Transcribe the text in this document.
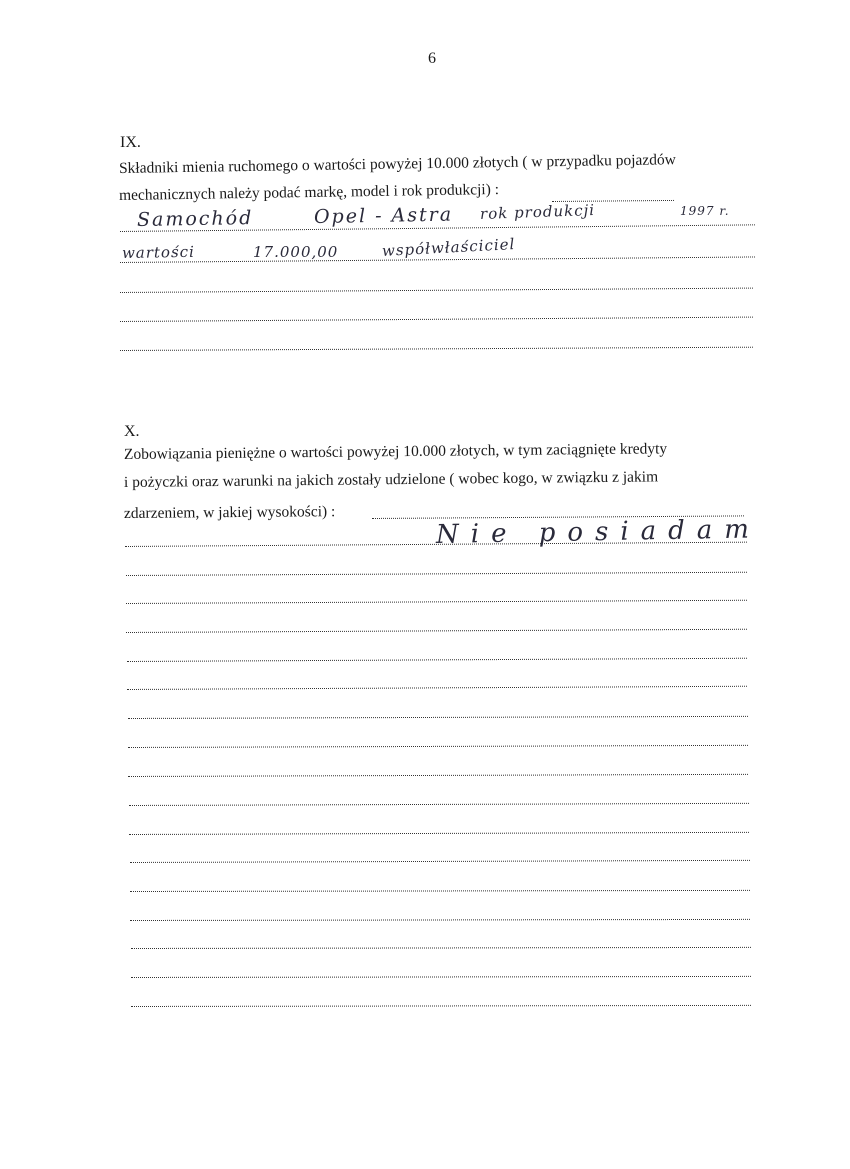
6
IX.
Składniki mienia ruchomego o wartości powyżej 10.000 złotych ( w przypadku pojazdów
mechanicznych należy podać markę, model i rok produkcji) :
Samochód	Opel - Astra rok produkcji	1997 r.
wartości	17.000,00	współwłaściciel
X.
Zobowiązania pieniężne o wartości powyżej 10.000 złotych, w tym zaciągnięte kredyty
i pożyczki oraz warunki na jakich zostały udzielone ( wobec kogo, w związku z jakim
zdarzeniem, w jakiej wysokości) :
Nie posiadam
